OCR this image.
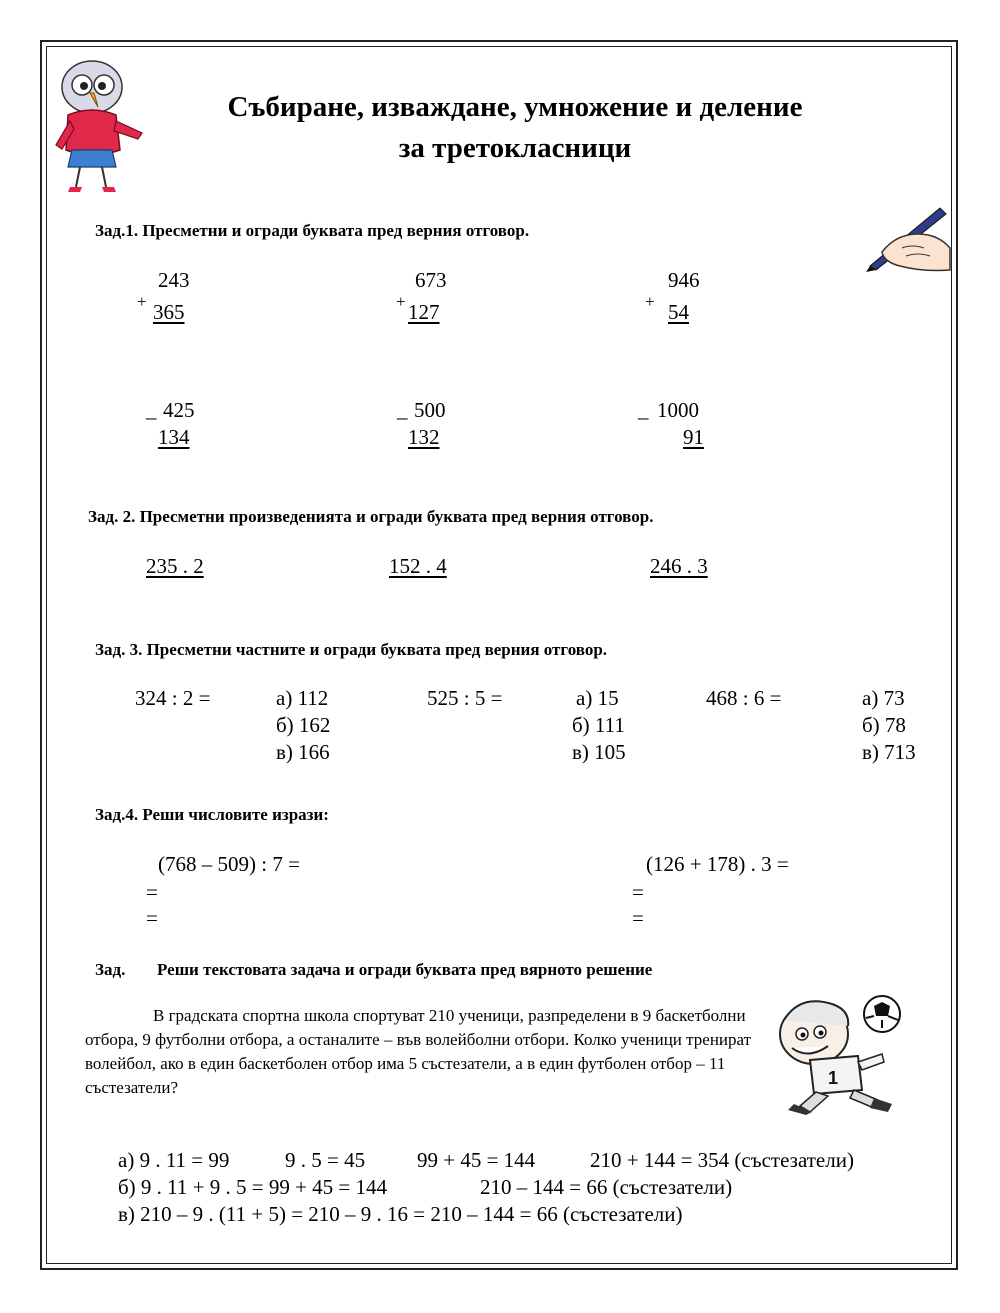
Събиране, изваждане, умножение и деление
за третокласници
Зад.1. Пресметни и огради буквата пред верния отговор.
243
+ 365
673
+ 127
946
+ 54
_ 425
134
_ 500
132
_ 1000
91
Зад. 2. Пресметни произведенията и огради буквата пред верния отговор.
235 . 2	152 . 4	246 . 3
Зад. 3. Пресметни частните и огради буквата пред верния отговор.
324 : 2 =	а) 112
б) 162
в) 166
525 : 5 =	а) 15
б) 111
в) 105
468 : 6 =	а) 73
б) 78
в) 713
Зад.4. Реши числовите изрази:
(768 – 509) : 7 =
=
=
(126 + 178) . 3 =
=
=
Зад. Реши текстовата задача и огради буквата пред вярното решение
В градската спортна школа спортуват 210 ученици, разпределени в 9 баскетболни отбора, 9 футболни отбора, а останалите – във волейболни отбори. Колко ученици тренират волейбол, ако в един баскетболен отбор има 5 състезатели, а в един футболен отбор – 11 състезатели?	1
а) 9 . 11 = 99	9 . 5 = 45 99 + 45 = 144	210 + 144 = 354 (състезатели)
б) 9 . 11 + 9 . 5 = 99 + 45 = 144	210 – 144 = 66 (състезатели)
в) 210 – 9 . (11 + 5) = 210 – 9 . 16 = 210 – 144 = 66 (състезатели)
